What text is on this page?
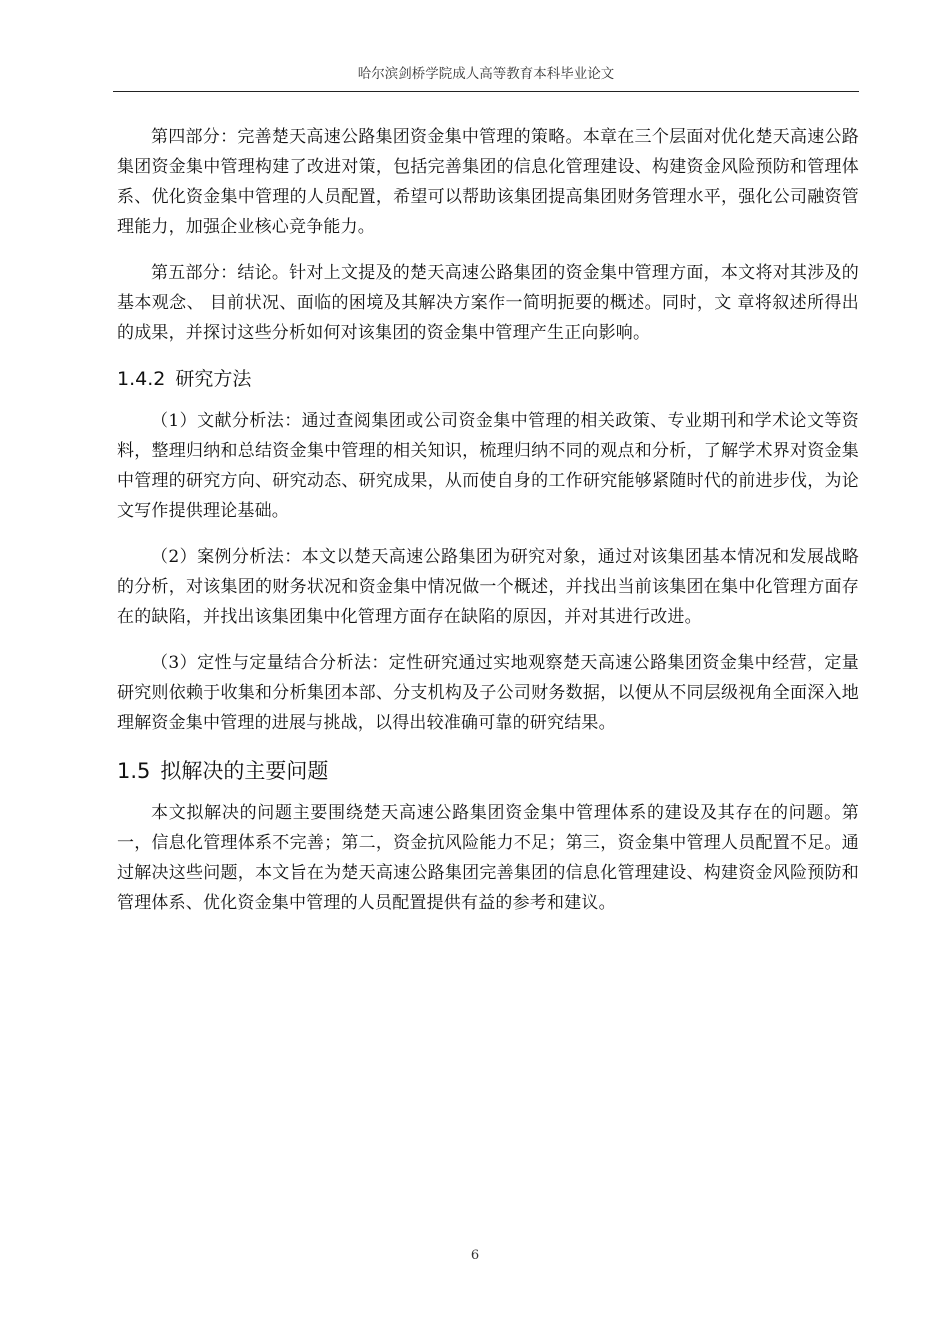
哈尔滨剑桥学院成人高等教育本科毕业论文

第四部分：完善楚天高速公路集团资金集中管理的策略。本章在三个层面对优化楚天高速公路集团资金集中管理构建了改进对策，包括完善集团的信息化管理建设、构建资金风险预防和管理体系、优化资金集中管理的人员配置，希望可以帮助该集团提高集团财务管理水平，强化公司融资管理能力，加强企业核心竞争能力。

第五部分：结论。针对上文提及的楚天高速公路集团的资金集中管理方面，本文将对其涉及的基本观念、 目前状况、面临的困境及其解决方案作一简明扼要的概述。同时，文 章将叙述所得出的成果，并探讨这些分析如何对该集团的资金集中管理产生正向影响。

1.4.2 研究方法

（1）文献分析法：通过查阅集团或公司资金集中管理的相关政策、专业期刊和学术论文等资料，整理归纳和总结资金集中管理的相关知识，梳理归纳不同的观点和分析，了解学术界对资金集中管理的研究方向、研究动态、研究成果，从而使自身的工作研究能够紧随时代的前进步伐，为论文写作提供理论基础。

（2）案例分析法：本文以楚天高速公路集团为研究对象，通过对该集团基本情况和发展战略的分析，对该集团的财务状况和资金集中情况做一个概述，并找出当前该集团在集中化管理方面存在的缺陷，并找出该集团集中化管理方面存在缺陷的原因，并对其进行改进。

（3）定性与定量结合分析法：定性研究通过实地观察楚天高速公路集团资金集中经营，定量研究则依赖于收集和分析集团本部、分支机构及子公司财务数据，以便从不同层级视角全面深入地理解资金集中管理的进展与挑战，以得出较准确可靠的研究结果。

1.5 拟解决的主要问题

本文拟解决的问题主要围绕楚天高速公路集团资金集中管理体系的建设及其存在的问题。第一，信息化管理体系不完善；第二，资金抗风险能力不足；第三，资金集中管理人员配置不足。通过解决这些问题，本文旨在为楚天高速公路集团完善集团的信息化管理建设、构建资金风险预防和管理体系、优化资金集中管理的人员配置提供有益的参考和建议。

6
